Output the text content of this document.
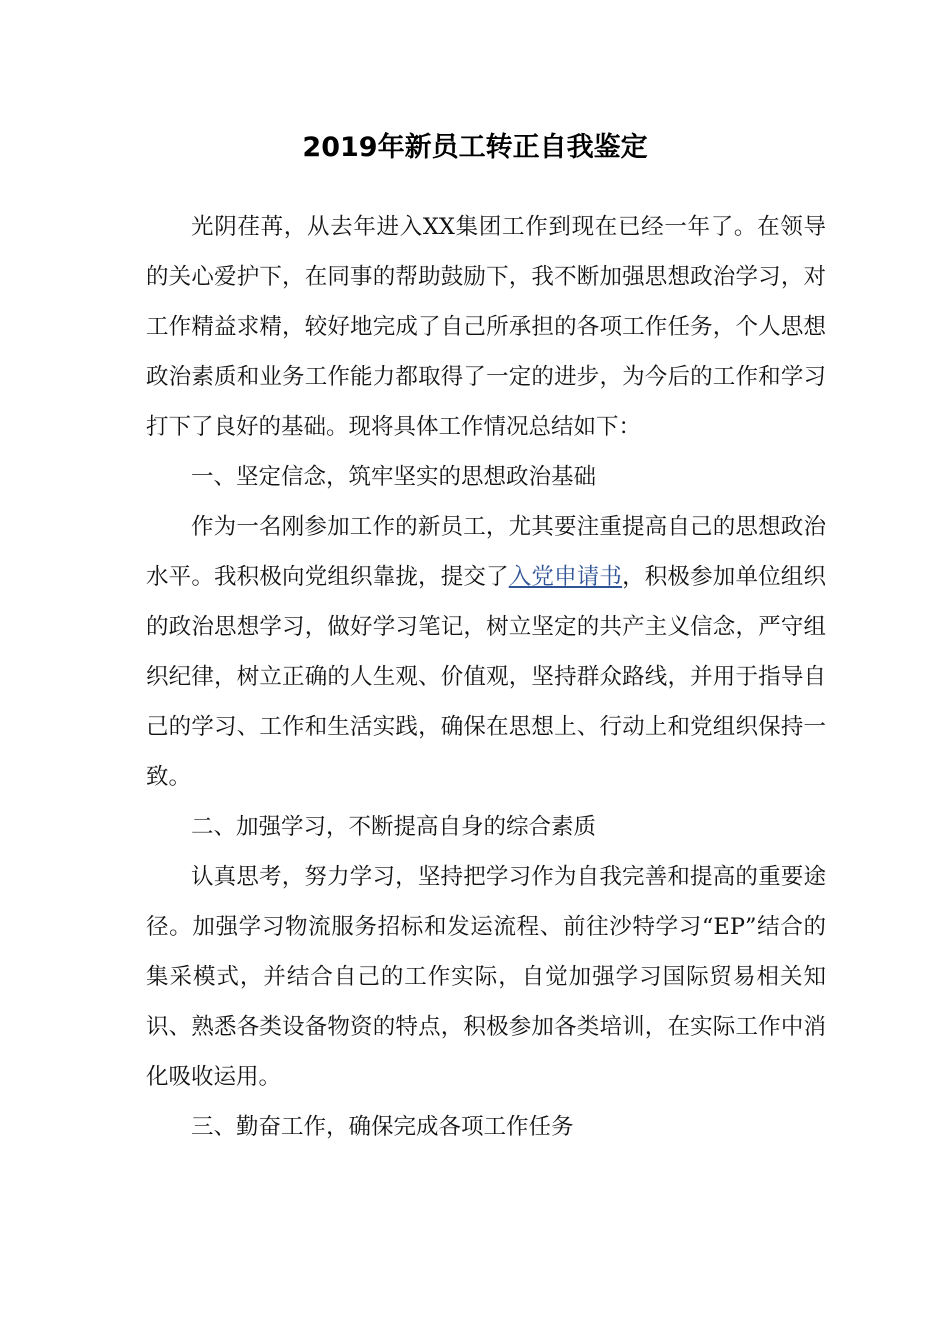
2019年新员工转正自我鉴定

光阴荏苒，从去年进入XX集团工作到现在已经一年了。在领导的关心爱护下，在同事的帮助鼓励下，我不断加强思想政治学习，对工作精益求精，较好地完成了自己所承担的各项工作任务，个人思想政治素质和业务工作能力都取得了一定的进步，为今后的工作和学习打下了良好的基础。现将具体工作情况总结如下：

一、坚定信念，筑牢坚实的思想政治基础

作为一名刚参加工作的新员工，尤其要注重提高自己的思想政治水平。我积极向党组织靠拢，提交了入党申请书，积极参加单位组织的政治思想学习，做好学习笔记，树立坚定的共产主义信念，严守组织纪律，树立正确的人生观、价值观，坚持群众路线，并用于指导自己的学习、工作和生活实践，确保在思想上、行动上和党组织保持一致。

二、加强学习，不断提高自身的综合素质

认真思考，努力学习，坚持把学习作为自我完善和提高的重要途径。加强学习物流服务招标和发运流程、前往沙特学习“EP”结合的集采模式，并结合自己的工作实际，自觉加强学习国际贸易相关知识、熟悉各类设备物资的特点，积极参加各类培训，在实际工作中消化吸收运用。

三、勤奋工作，确保完成各项工作任务
